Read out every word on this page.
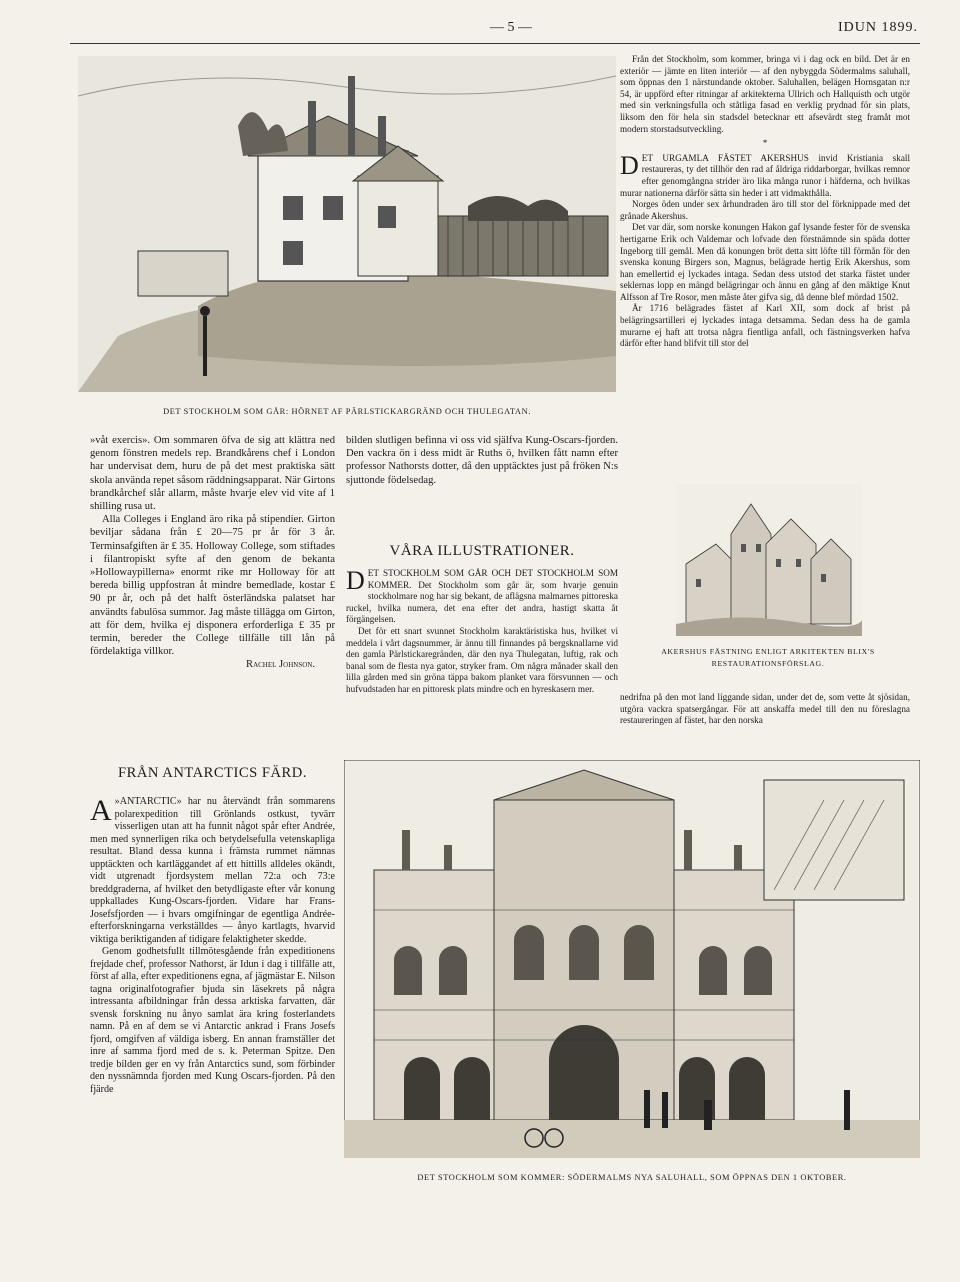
— 5 —	IDUN 1899.
DET STOCKHOLM SOM GÅR: HÖRNET AF PÄRLSTICKARGRÄND OCH THULEGATAN.

»våt exercis». Om sommaren öfva de sig att klättra ned genom fönstren medels rep. Brandkårens chef i London har undervisat dem, huru de på det mest praktiska sätt skola använda repet såsom räddningsapparat. När Girtons brandkårchef slår allarm, måste hvarje elev vid vite af 1 shilling rusa ut.

Alla Colleges i England äro rika på stipendier. Girton beviljar sådana från £ 20—75 pr år för 3 år. Terminsafgiften är £ 35. Holloway College, som stiftades i filantropiskt syfte af den genom de bekanta »Hollowaypillerna» enormt rike mr Holloway för att bereda billig uppfostran åt mindre bemedlade, kostar £ 90 pr år, och på det halft österländska palatset har användts fabulösa summor. Jag måste tillägga om Girton, att för dem, hvilka ej disponera erforderliga £ 35 pr termin, bereder the College tillfälle till lån på fördelaktiga villkor.

Rachel Johnson.

bilden slutligen befinna vi oss vid själfva Kung-Oscars-fjorden. Den vackra ön i dess midt är Ruths ö, hvilken fått namn efter professor Nathorsts dotter, då den upptäcktes just på fröken N:s sjuttonde födelsedag.

VÅRA ILLUSTRATIONER.

DET STOCKHOLM SOM GÅR OCH DET STOCKHOLM SOM KOMMER. Det Stockholm som går är, som hvarje genuin stockholmare nog har sig bekant, de aflägsna malmarnes pittoreska ruckel, hvilka numera, det ena efter det andra, hastigt skatta åt förgängelsen.

Det för ett snart svunnet Stockholm karaktäristiska hus, hvilket vi meddela i vårt dagsnummer, är ännu till finnandes på bergsknallarne vid den gamla Pärlstickaregränden, där den nya Thulegatan, luftig, rak och banal som de flesta nya gator, stryker fram. Om några månader skall den lilla gården med sin gröna täppa bakom planket vara försvunnen — och hufvudstaden har en pittoresk plats mindre och en hyreskasern mer.

Från det Stockholm, som kommer, bringa vi i dag ock en bild. Det är en exteriör — jämte en liten interiör — af den nybyggda Södermalms saluhall, som öppnas den 1 närstundande oktober. Saluhallen, belägen Hornsgatan n:r 54, är uppförd efter ritningar af arkitekterna Ullrich och Hallquisth och utgör med sin verkningsfulla och ståtliga fasad en verklig prydnad för sin plats, liksom den för hela sin stadsdel betecknar ett afsevärdt steg framåt mot modern storstadsutveckling.

*

DET URGAMLA FÄSTET AKERSHUS invid Kristiania skall restaureras, ty det tillhör den rad af åldriga riddarborgar, hvilkas remnor efter genomgångna strider äro lika många runor i häfderna, och hvilkas murar nationerna därför sätta sin heder i att vidmakthålla.

Norges öden under sex århundraden äro till stor del förknippade med det grånade Akershus.

Det var där, som norske konungen Hakon gaf lysande fester för de svenska hertigarne Erik och Valdemar och lofvade den förstnämnde sin späda dotter Ingeborg till gemål. Men då konungen bröt detta sitt löfte till förmån för den svenska konung Birgers son, Magnus, belägrade hertig Erik Akershus, som han emellertid ej lyckades intaga. Sedan dess utstod det starka fästet under seklernas lopp en mängd belägringar och ännu en gång af den mäktige Knut Alfsson af Tre Rosor, men måste åter gifva sig, då denne blef mördad 1502.

År 1716 belägrades fästet af Karl XII, som dock af brist på belägringsartilleri ej lyckades intaga detsamma. Sedan dess ha de gamla murarne ej haft att trotsa några fientliga anfall, och fästningsverken hafva därför efter hand blifvit till stor del

AKERSHUS FÄSTNING ENLIGT ARKITEKTEN BLIX'S
RESTAURATIONSFÖRSLAG.

nedrifna på den mot land liggande sidan, under det de, som vette åt sjösidan, utgöra vackra spatsergångar. För att anskaffa medel till den nu föreslagna restaureringen af fästet, har den norska

FRÅN ANTARCTICS FÄRD.

A »ANTARCTIC» har nu återvändt från sommarens polarexpedition till Grönlands ostkust, tyvärr visserligen utan att ha funnit något spår efter Andrée, men med synnerligen rika och betydelsefulla vetenskapliga resultat. Bland dessa kunna i främsta rummet nämnas upptäckten och kartläggandet af ett hittills alldeles okändt, vidt utgrenadt fjordsystem mellan 72:a och 73:e breddgraderna, af hvilket den betydligaste efter vår konung uppkallades Kung-Oscars-fjorden. Vidare har Frans-Josefsfjorden — i hvars omgifningar de egentliga Andrée-efterforskningarna verkställdes — ånyo kartlagts, hvarvid viktiga beriktiganden af tidigare felaktigheter skedde.

Genom godhetsfullt tillmötesgående från expeditionens frejdade chef, professor Nathorst, är Idun i dag i tillfälle att, först af alla, efter expeditionens egna, af jägmästar E. Nilson tagna originalfotografier bjuda sin läsekrets på några intressanta afbildningar från dessa arktiska farvatten, där svensk forskning nu ånyo samlat ära kring fosterlandets namn. På en af dem se vi Antarctic ankrad i Frans Josefs fjord, omgifven af väldiga isberg. En annan framställer det inre af samma fjord med de s. k. Peterman Spitze. Den tredje bilden ger en vy från Antarctics sund, som förbinder den nyssnämnda fjorden med Kung Oscars-fjorden. På den fjärde

DET STOCKHOLM SOM KOMMER: SÖDERMALMS NYA SALUHALL, SOM ÖPPNAS DEN 1 OKTOBER.
